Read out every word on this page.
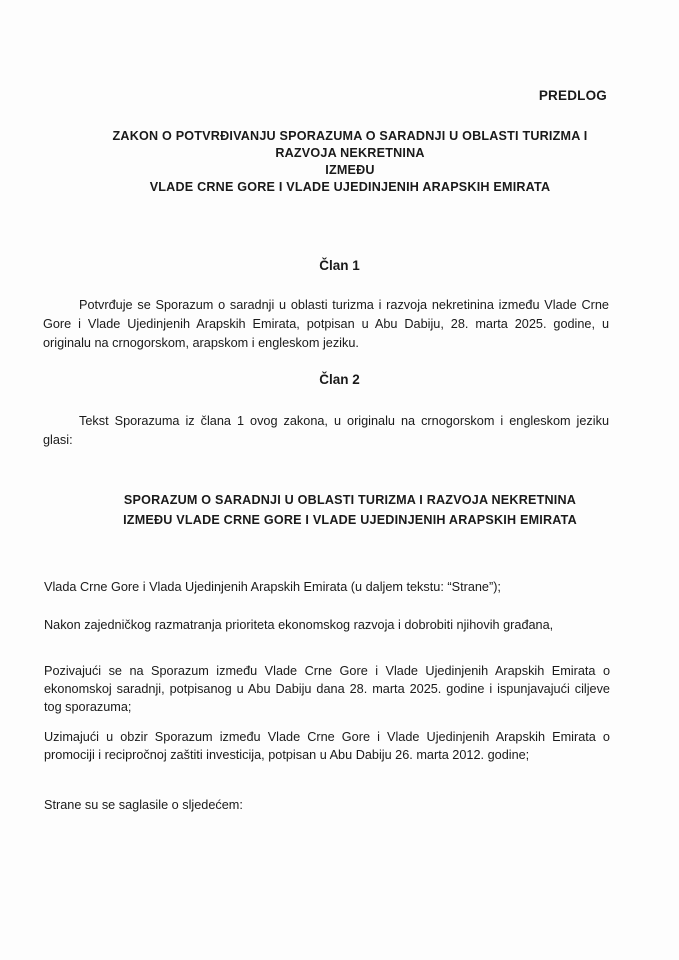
PREDLOG
ZAKON O POTVRĐIVANJU SPORAZUMA O SARADNJI U OBLASTI TURIZMA I
RAZVOJA NEKRETNINA
IZMEĐU
VLADE CRNE GORE I VLADE UJEDINJENIH ARAPSKIH EMIRATA
Član 1
Potvrđuje se Sporazum o saradnji u oblasti turizma i razvoja nekretinina između Vlade Crne Gore i Vlade Ujedinjenih Arapskih Emirata, potpisan u Abu Dabiju, 28. marta 2025. godine, u originalu na crnogorskom, arapskom i engleskom jeziku.
Član 2
Tekst Sporazuma iz člana 1 ovog zakona, u originalu na crnogorskom i engleskom jeziku glasi:
SPORAZUM O SARADNJI U OBLASTI TURIZMA I RAZVOJA NEKRETNINA
IZMEĐU VLADE CRNE GORE I VLADE UJEDINJENIH ARAPSKIH EMIRATA
Vlada Crne Gore i Vlada Ujedinjenih Arapskih Emirata (u daljem tekstu: “Strane”);
Nakon zajedničkog razmatranja prioriteta ekonomskog razvoja i dobrobiti njihovih građana,
Pozivajući se na Sporazum između Vlade Crne Gore i Vlade Ujedinjenih Arapskih Emirata o ekonomskoj saradnji, potpisanog u Abu Dabiju dana 28. marta 2025. godine i ispunjavajući ciljeve tog sporazuma;
Uzimajući u obzir Sporazum između Vlade Crne Gore i Vlade Ujedinjenih Arapskih Emirata o promociji i recipročnoj zaštiti investicija, potpisan u Abu Dabiju 26. marta 2012. godine;
Strane su se saglasile o sljedećem:
